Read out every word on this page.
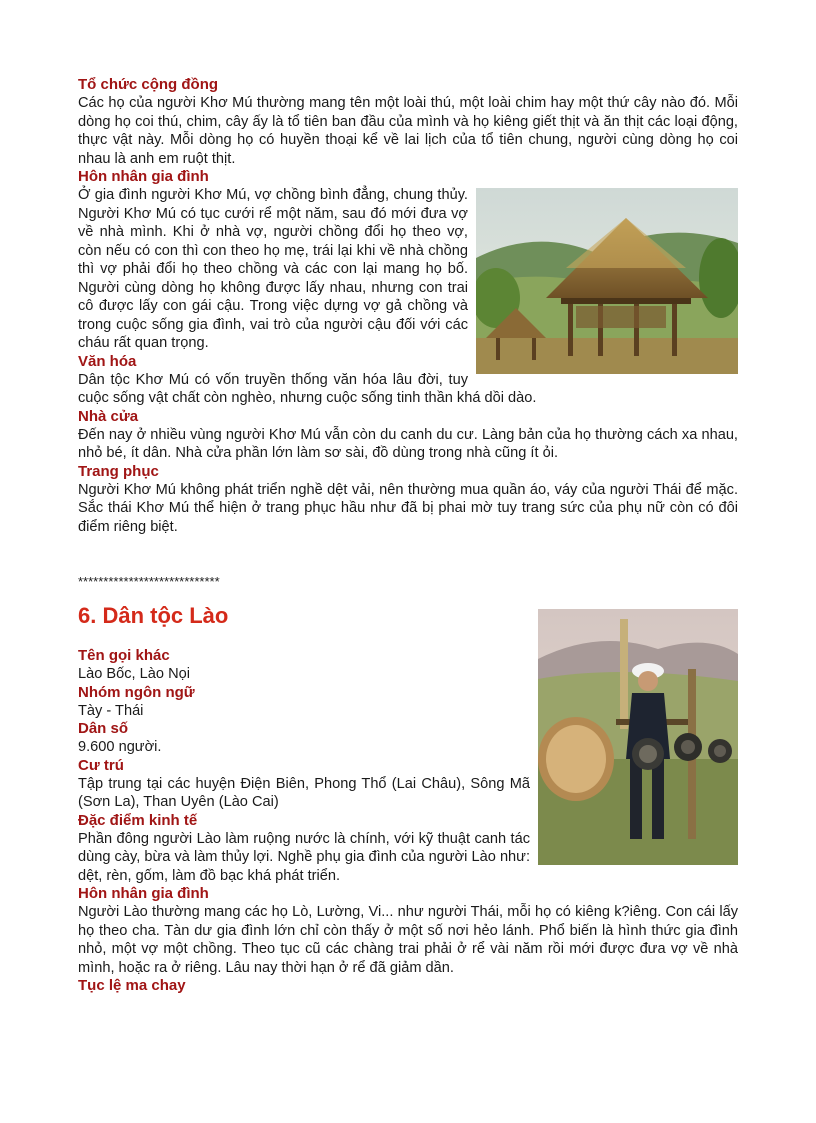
Tổ chức cộng đồng

Các họ của người Khơ Mú thường mang tên một loài thú, một loài chim hay một thứ cây nào đó. Mỗi dòng họ coi thú, chim, cây ấy là tổ tiên ban đầu của mình và họ kiêng giết thịt và ăn thịt các loại động, thực vật này. Mỗi dòng họ có huyền thoại kể về lai lịch của tổ tiên chung, người cùng dòng họ coi nhau là anh em ruột thịt.

Hôn nhân gia đình

Ở gia đình người Khơ Mú, vợ chồng bình đẳng, chung thủy. Người Khơ Mú có tục cưới rể một năm, sau đó mới đưa vợ về nhà mình. Khi ở nhà vợ, người chồng đổi họ theo vợ, còn nếu có con thì con theo họ mẹ, trái lại khi về nhà chồng thì vợ phải đổi họ theo chồng và các con lại mang họ bố. Người cùng dòng họ không được lấy nhau, nhưng con trai cô được lấy con gái cậu. Trong việc dựng vợ gả chồng và trong cuộc sống gia đình, vai trò của người cậu đối với các cháu rất quan trọng.

Văn hóa

Dân tộc Khơ Mú có vốn truyền thống văn hóa lâu đời, tuy cuộc sống vật chất còn nghèo, nhưng cuộc sống tinh thần khá dồi dào.

Nhà cửa

Đến nay ở nhiều vùng người Khơ Mú vẫn còn du canh du cư. Làng bản của họ thường cách xa nhau, nhỏ bé, ít dân. Nhà cửa phần lớn làm sơ sài, đồ dùng trong nhà cũng ít ỏi.

Trang phục

Người Khơ Mú không phát triển nghề dệt vải, nên thường mua quần áo, váy của người Thái để mặc. Sắc thái Khơ Mú thể hiện ở trang phục hầu như đã bị phai mờ tuy trang sức của phụ nữ còn có đôi điểm riêng biệt.

****************************

6. Dân tộc Lào

Tên gọi khác

Lào Bốc, Lào Nọi

Nhóm ngôn ngữ

Tày - Thái

Dân số

9.600 người.

Cư trú

Tập trung tại các huyện Điện Biên, Phong Thổ (Lai Châu), Sông Mã (Sơn La), Than Uyên (Lào Cai)

Đặc điểm kinh tế

Phần đông người Lào làm ruộng nước là chính, với kỹ thuật canh tác dùng cày, bừa và làm thủy lợi. Nghề phụ gia đình của người Lào như: dệt, rèn, gốm, làm đồ bạc khá phát triển.

Hôn nhân gia đình

Người Lào thường mang các họ Lò, Lường, Vi... như người Thái, mỗi họ có kiêng k?iêng. Con cái lấy họ theo cha. Tàn dư gia đình lớn chỉ còn thấy ở một số nơi hẻo lánh. Phổ biến là hình thức gia đình nhỏ, một vợ một chồng. Theo tục cũ các chàng trai phải ở rể vài năm rồi mới được đưa vợ về nhà mình, hoặc ra ở riêng. Lâu nay thời hạn ở rể đã giảm dần.

Tục lệ ma chay
